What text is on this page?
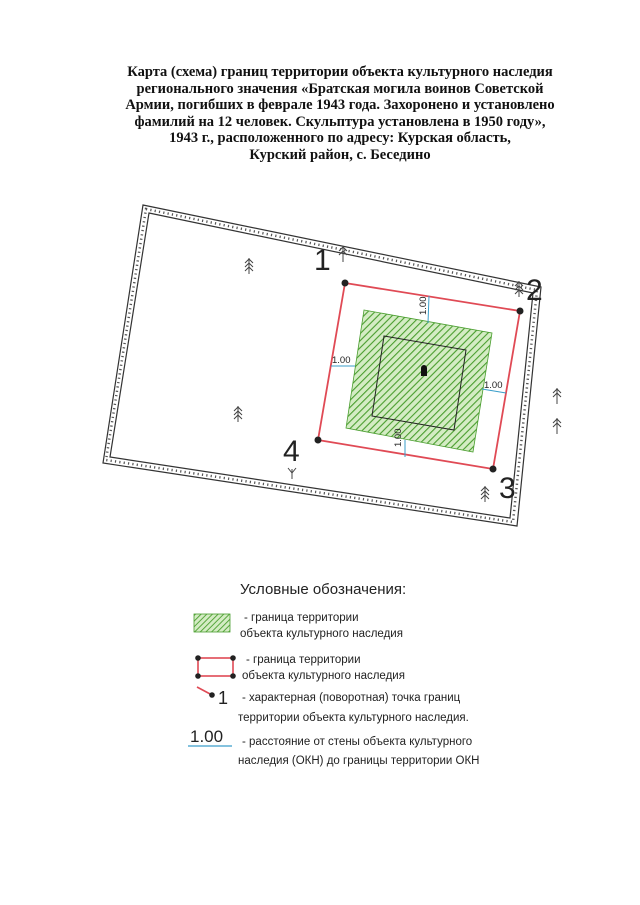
Карта (схема) границ территории объекта культурного наследия
регионального значения «Братская могила воинов Советской
Армии, погибших в феврале 1943 года. Захоронено и установлено
фамилий на 12 человек. Скульптура установлена в 1950 году»,
1943 г., расположенного по адресу: Курская область,
Курский район, с. Беседино
1.00
1.00
1.00
1.00
1
2
3
4
1
1.00
Условные обозначения:
- граница территории
объекта культурного наследия
- граница территории
объекта культурного наследия
- характерная (поворотная) точка границ
территории объекта культурного наследия.
- расстояние от стены объекта культурного
наследия (ОКН) до границы территории ОКН
